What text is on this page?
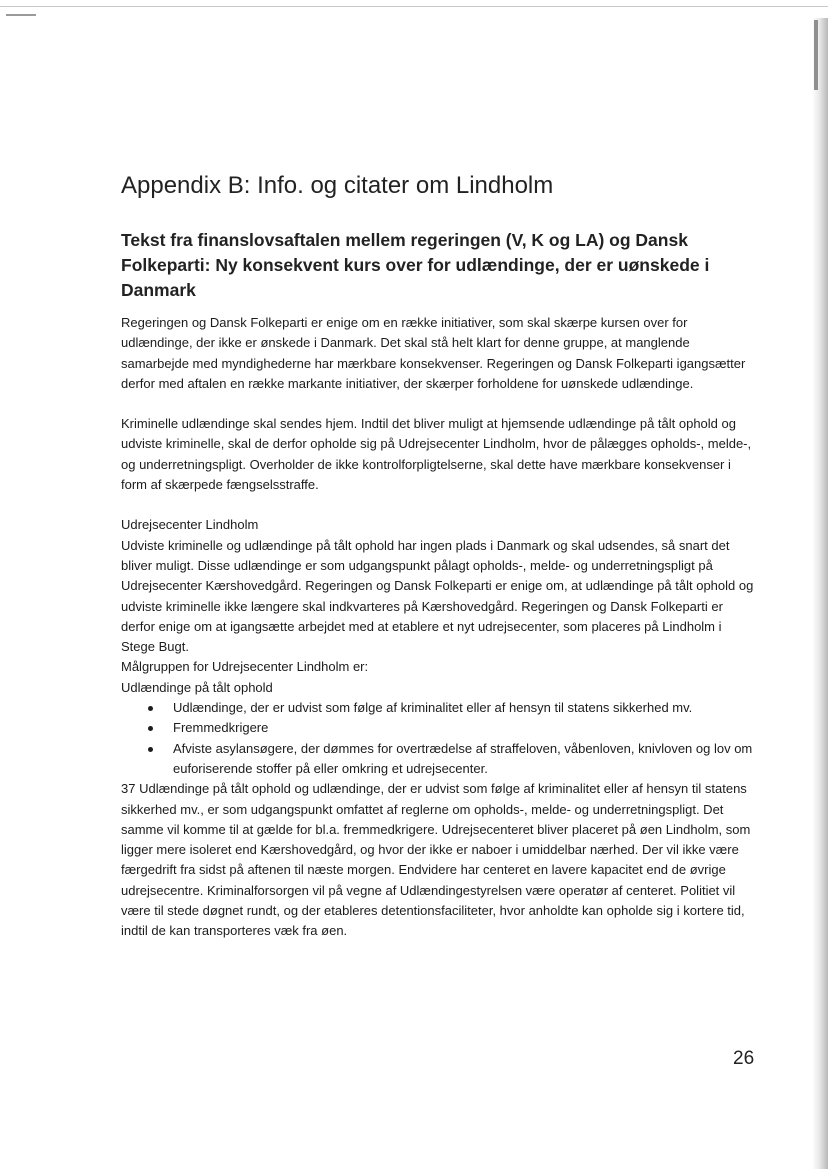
Appendix B: Info. og citater om Lindholm
Tekst fra finanslovsaftalen mellem regeringen (V, K og LA) og Dansk Folkeparti: Ny konsekvent kurs over for udlændinge, der er uønskede i Danmark

Regeringen og Dansk Folkeparti er enige om en række initiativer, som skal skærpe kursen over for udlændinge, der ikke er ønskede i Danmark. Det skal stå helt klart for denne gruppe, at manglende samarbejde med myndighederne har mærkbare konsekvenser. Regeringen og Dansk Folkeparti igangsætter derfor med aftalen en række markante initiativer, der skærper forholdene for uønskede udlændinge.

Kriminelle udlændinge skal sendes hjem. Indtil det bliver muligt at hjemsende udlændinge på tålt ophold og udviste kriminelle, skal de derfor opholde sig på Udrejsecenter Lindholm, hvor de pålægges opholds-, melde-, og underretningspligt. Overholder de ikke kontrolforpligtelserne, skal dette have mærkbare konsekvenser i form af skærpede fængselsstraffe.

Udrejsecenter Lindholm

Udviste kriminelle og udlændinge på tålt ophold har ingen plads i Danmark og skal udsendes, så snart det bliver muligt. Disse udlændinge er som udgangspunkt pålagt opholds-, melde- og underretningspligt på Udrejsecenter Kærshovedgård. Regeringen og Dansk Folkeparti er enige om, at udlændinge på tålt ophold og udviste kriminelle ikke længere skal indkvarteres på Kærshovedgård. Regeringen og Dansk Folkeparti er derfor enige om at igangsætte arbejdet med at etablere et nyt udrejsecenter, som placeres på Lindholm i Stege Bugt.

Målgruppen for Udrejsecenter Lindholm er:
Udlændinge på tålt ophold
Udlændinge, der er udvist som følge af kriminalitet eller af hensyn til statens sikkerhed mv.
Fremmedkrigere
Afviste asylansøgere, der dømmes for overtrædelse af straffeloven, våbenloven, knivloven og lov om euforiserende stoffer på eller omkring et udrejsecenter.

37 Udlændinge på tålt ophold og udlændinge, der er udvist som følge af kriminalitet eller af hensyn til statens sikkerhed mv., er som udgangspunkt omfattet af reglerne om opholds-, melde- og underretningspligt. Det samme vil komme til at gælde for bl.a. fremmedkrigere. Udrejsecenteret bliver placeret på øen Lindholm, som ligger mere isoleret end Kærshovedgård, og hvor der ikke er naboer i umiddelbar nærhed. Der vil ikke være færgedrift fra sidst på aftenen til næste morgen. Endvidere har centeret en lavere kapacitet end de øvrige udrejsecentre. Kriminalforsorgen vil på vegne af Udlændingestyrelsen være operatør af centeret. Politiet vil være til stede døgnet rundt, og der etableres detentionsfaciliteter, hvor anholdte kan opholde sig i kortere tid, indtil de kan transporteres væk fra øen.

26
